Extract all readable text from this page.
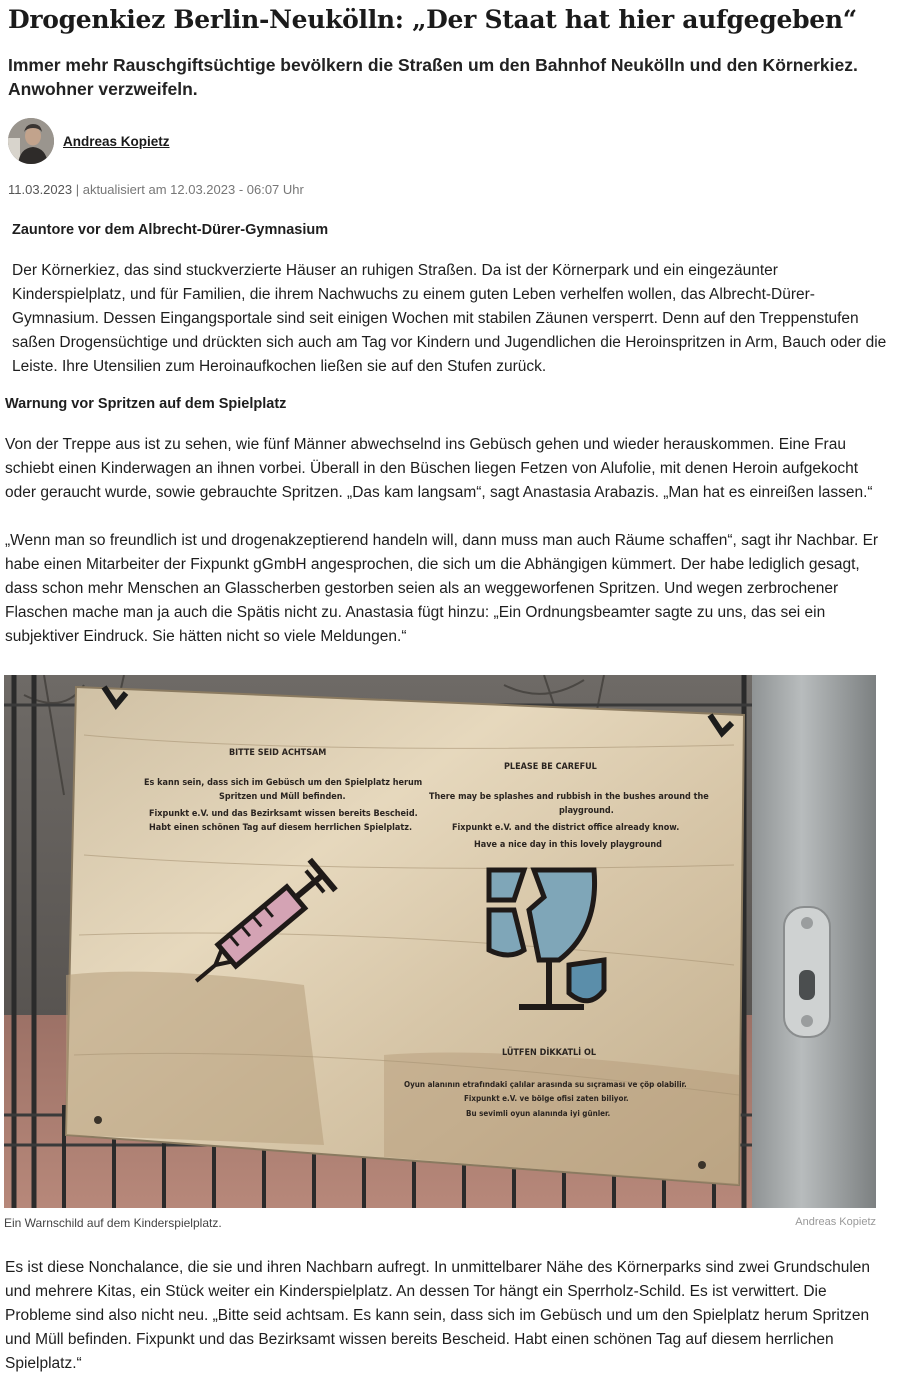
Drogenkiez Berlin-Neukölln: „Der Staat hat hier aufgegeben“

Immer mehr Rauschgiftsüchtige bevölkern die Straßen um den Bahnhof Neukölln und den Körnerkiez. Anwohner verzweifeln.

Andreas Kopietz
11.03.2023 | aktualisiert am 12.03.2023 - 06:07 Uhr
Zauntore vor dem Albrecht-Dürer-Gymnasium

Der Körnerkiez, das sind stuckverzierte Häuser an ruhigen Straßen. Da ist der Körnerpark und ein eingezäunter Kinderspielplatz, und für Familien, die ihrem Nachwuchs zu einem guten Leben verhelfen wollen, das Albrecht-Dürer-Gymnasium. Dessen Eingangsportale sind seit einigen Wochen mit stabilen Zäunen versperrt. Denn auf den Treppenstufen saßen Drogensüchtige und drückten sich auch am Tag vor Kindern und Jugendlichen die Heroinspritzen in Arm, Bauch oder die Leiste. Ihre Utensilien zum Heroinaufkochen ließen sie auf den Stufen zurück.

Warnung vor Spritzen auf dem Spielplatz

Von der Treppe aus ist zu sehen, wie fünf Männer abwechselnd ins Gebüsch gehen und wieder herauskommen. Eine Frau schiebt einen Kinderwagen an ihnen vorbei. Überall in den Büschen liegen Fetzen von Alufolie, mit denen Heroin aufgekocht oder geraucht wurde, sowie gebrauchte Spritzen. „Das kam langsam“, sagt Anastasia Arabazis. „Man hat es einreißen lassen.“

„Wenn man so freundlich ist und drogenakzeptierend handeln will, dann muss man auch Räume schaffen“, sagt ihr Nachbar. Er habe einen Mitarbeiter der Fixpunkt gGmbH angesprochen, die sich um die Abhängigen kümmert. Der habe lediglich gesagt, dass schon mehr Menschen an Glasscherben gestorben seien als an weggeworfenen Spritzen. Und wegen zerbrochener Flaschen mache man ja auch die Spätis nicht zu. Anastasia fügt hinzu: „Ein Ordnungsbeamter sagte zu uns, das sei ein subjektiver Eindruck. Sie hätten nicht so viele Meldungen.“

BITTE SEID ACHTSAM
Es kann sein, dass sich im Gebüsch um den Spielplatz herum
Spritzen und Müll befinden.
Fixpunkt e.V. und das Bezirksamt wissen bereits Bescheid.
Habt einen schönen Tag auf diesem herrlichen Spielplatz.
PLEASE BE CAREFUL
There may be splashes and rubbish in the bushes around the
playground.
Fixpunkt e.V. and the district office already know.
Have a nice day in this lovely playground
LÜTFEN DİKKATLİ OL
Oyun alanının etrafındaki çalılar arasında su sıçraması ve çöp olabilir.
Fixpunkt e.V. ve bölge ofisi zaten biliyor.
Bu sevimli oyun alanında iyi günler.
Ein Warnschild auf dem Kinderspielplatz.	Andreas Kopietz

Es ist diese Nonchalance, die sie und ihren Nachbarn aufregt. In unmittelbarer Nähe des Körnerparks sind zwei Grundschulen und mehrere Kitas, ein Stück weiter ein Kinderspielplatz. An dessen Tor hängt ein Sperrholz-Schild. Es ist verwittert. Die Probleme sind also nicht neu. „Bitte seid achtsam. Es kann sein, dass sich im Gebüsch und um den Spielplatz herum Spritzen und Müll befinden. Fixpunkt und das Bezirksamt wissen bereits Bescheid. Habt einen schönen Tag auf diesem herrlichen Spielplatz.“
